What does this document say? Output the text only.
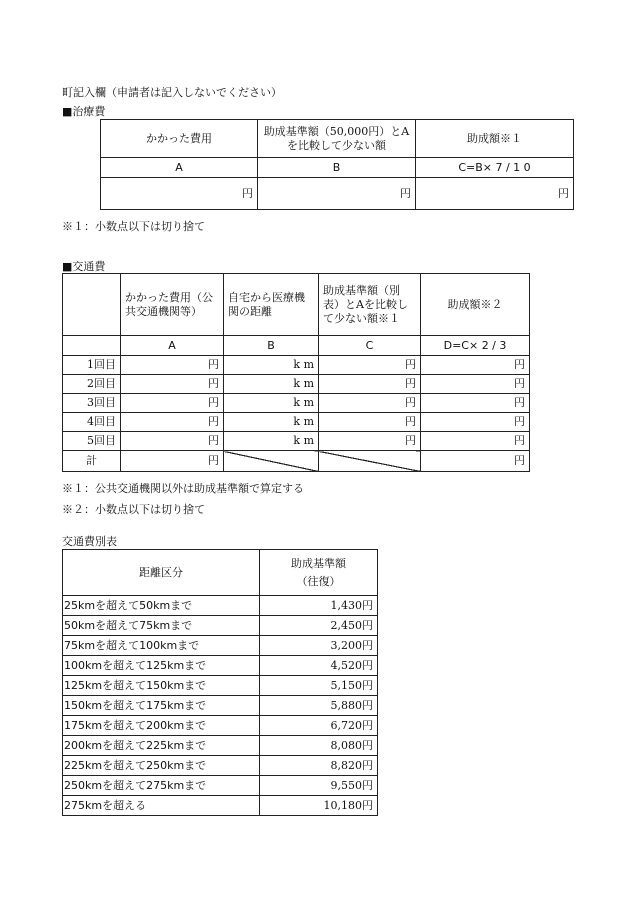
町記入欄（申請者は記入しないでください）
■治療費
かかった費用	助成基準額（50,000円）とAを比較して少ない額	助成額※１
A	B	C=B× 7 / 1 0
円	円	円
※１：小数点以下は切り捨て
■交通費
	かかった費用（公共交通機関等）	自宅から医療機関の距離	助成基準額（別表）とAを比較して少ない額※１	助成額※２
	A	B	C	D=C× 2 / 3
1回目	円	k m	円	円
2回目	円	k m	円	円
3回目	円	k m	円	円
4回目	円	k m	円	円
5回目	円	k m	円	円
計	円			円
※１：公共交通機関以外は助成基準額で算定する
※２：小数点以下は切り捨て
交通費別表
距離区分	助成基準額
（往復）

25kmを超えて50kmまで	1,430円
50kmを超えて75kmまで	2,450円
75kmを超えて100kmまで	3,200円
100kmを超えて125kmまで	4,520円
125kmを超えて150kmまで	5,150円
150kmを超えて175kmまで	5,880円
175kmを超えて200kmまで	6,720円
200kmを超えて225kmまで	8,080円
225kmを超えて250kmまで	8,820円
250kmを超えて275kmまで	9,550円
275kmを超える	10,180円
